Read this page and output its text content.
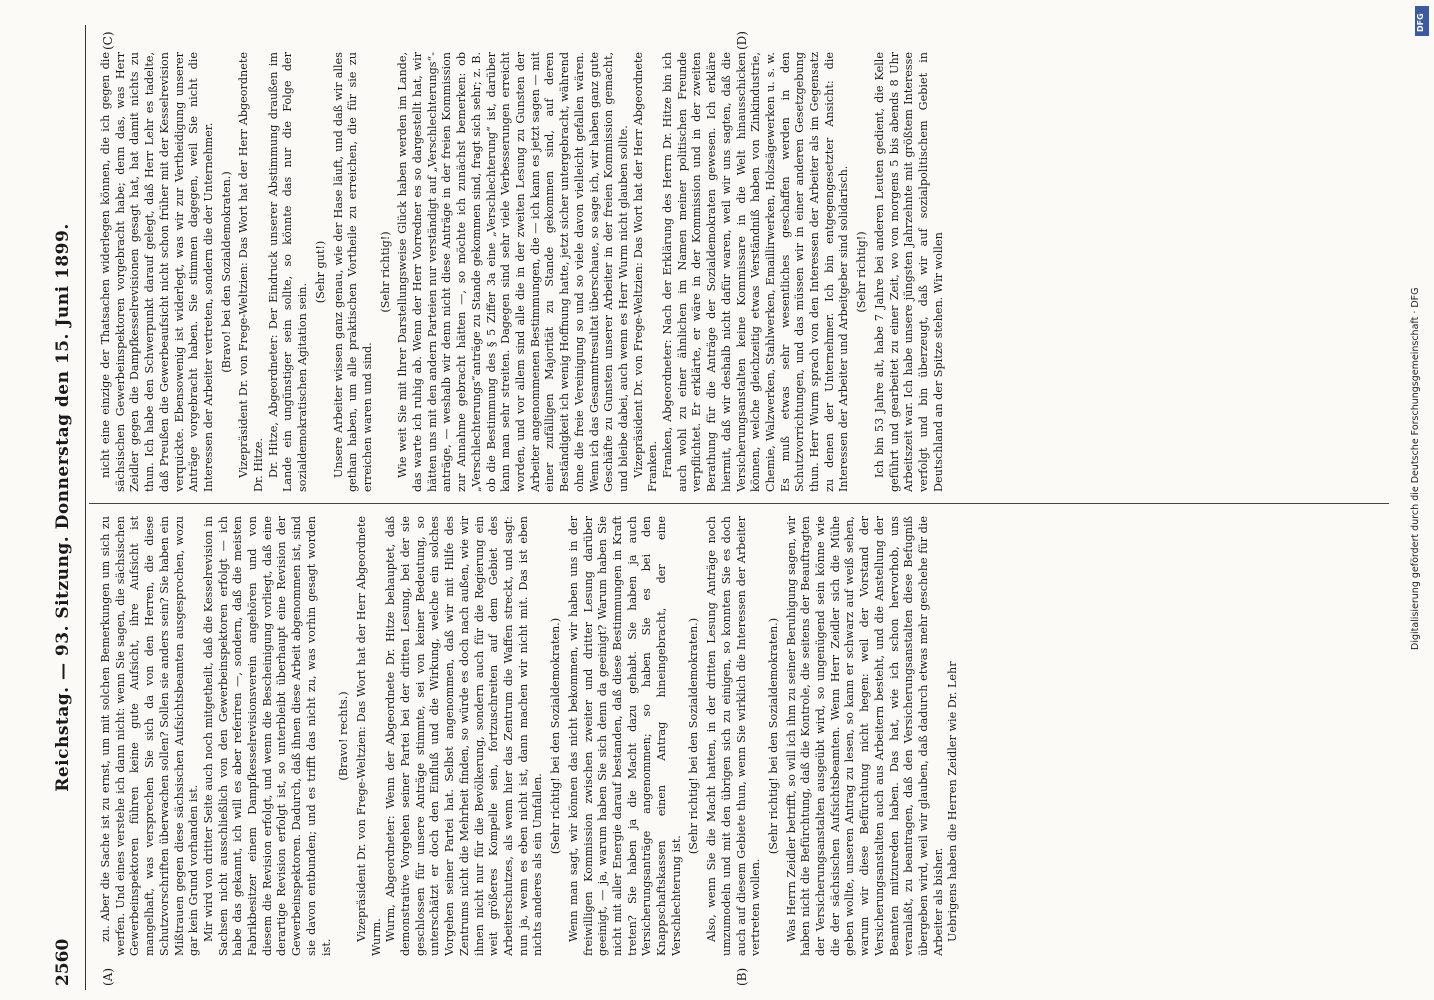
2560
Reichstag. — 93. Sitzung. Donnerstag den 15. Juni 1899.
(A)	(B)
(C)	(D)

zu. Aber die Sache ist zu ernst, um mit solchen Bemerkungen um sich zu werfen. Und eines verstehe ich dann nicht: wenn Sie sagen, die sächsischen Gewerbeinspektoren führen keine gute Aufsicht, ihre Aufsicht ist mangelhaft, was versprechen Sie sich da von den Herren, die diese Schutzvorschriften überwachen sollen? Sollen sie anders sein? Sie haben ein Mißtrauen gegen diese sächsischen Aufsichtsbeamten ausgesprochen, wozu gar kein Grund vorhanden ist. Mir wird von dritter Seite auch noch mitgetheilt, daß die Kesselrevision in Sachsen nicht ausschließlich von den Gewerbeinspektoren erfolgt — ich habe das gekannt, ich will es aber referiren —, sondern, daß die meisten Fabrikbesitzer einem Dampfkesselrevisionsverein angehören und von diesem die Revision erfolgt, und wenn die Bescheinigung vorliegt, daß eine derartige Revision erfolgt ist, so unterbleibt überhaupt eine Revision der Gewerbeinspektoren. Dadurch, daß ihnen diese Arbeit abgenommen ist, sind sie davon entbunden; und es trifft das nicht zu, was vorhin gesagt worden ist.

(Bravo! rechts.) Vizepräsident Dr. von Frege-Weltzien: Das Wort hat der Herr Abgeordnete Wurm. Wurm, Abgeordneter: Wenn der Abgeordnete Dr. Hitze behauptet, daß demonstrative Vorgehen seiner Partei bei der dritten Lesung, bei der sie geschlossen für unsere Anträge stimmte, sei von keiner Bedeutung, so unterschätzt er doch den Einfluß und die Wirkung, welche ein solches Vorgehen seiner Partei hat. Selbst angenommen, daß wir mit Hilfe des Zentrums nicht die Mehrheit finden, so würde es doch nach außen, wie wir ihnen nicht nur für die Bevölkerung, sondern auch für die Regierung ein weit größeres Kompelle sein, fortzuschreiten auf dem Gebiet des Arbeiterschutzes, als wenn hier das Zentrum die Waffen streckt, und sagt: nun ja, wenn es eben nicht ist, dann machen wir nicht mit. Das ist eben nichts anderes als ein Umfallen.

(Sehr richtig! bei den Sozialdemokraten.) Wenn man sagt, wir können das nicht bekommen, wir haben uns in der freiwilligen Kommission zwischen zweiter und dritter Lesung darüber geeinigt, — ja, warum haben Sie sich denn da geeinigt? Warum haben Sie nicht mit aller Energie darauf bestanden, daß diese Bestimmungen in Kraft treten? Sie haben ja die Macht dazu gehabt. Sie haben ja auch Versicherungsanträge angenommen; so haben Sie es bei den Knappschaftskassen einen Antrag hineingebracht, der eine Verschlechterung ist.

(Sehr richtig! bei den Sozialdemokraten.) Also, wenn Sie die Macht hatten, in der dritten Lesung Anträge noch umzumodeln und mit den übrigen sich zu einigen, so konnten Sie es doch auch auf diesem Gebiete thun, wenn Sie wirklich die Interessen der Arbeiter vertreten wollen.

(Sehr richtig! bei den Sozialdemokraten.) Was Herrn Zeidler betrifft, so will ich ihm zu seiner Beruhigung sagen, wir haben nicht die Befürchtung, daß die Kontrole, die seitens der Beauftragten der Versicherungsanstalten ausgeübt wird, so ungenügend sein könne wie die der sächsischen Aufsichtsbeamten. Wenn Herr Zeidler sich die Mühe geben wollte, unseren Antrag zu lesen, so kann er schwarz auf weiß sehen, warum wir diese Befürchtung nicht hegen: weil der Vorstand der Versicherungsanstalten auch aus Arbeitern besteht, und die Anstellung der Beamten mitzureden haben. Das hat, wie ich schon hervorhob, uns veranlaßt, zu beantragen, daß den Versicherungsanstalten diese Befugniß übergeben wird, weil wir glauben, daß dadurch etwas mehr geschehe für die Arbeiter als bisher. Uebrigens haben die Herren Zeidler wie Dr. Lehr

nicht eine einzige der Thatsachen widerlegen können, die ich gegen die sächsischen Gewerbeinspektoren vorgebracht habe; denn das, was Herr Zeidler gegen die Dampfkesselrevisionen gesagt hat, hat damit nichts zu thun. Ich habe den Schwerpunkt darauf gelegt, daß Herr Lehr es tadelte, daß Preußen die Gewerbeaufsicht nicht schon früher mit der Kesselrevision verquickte. Ebensowenig ist widerlegt, was wir zur Vertheidigung unserer Anträge vorgebracht haben. Sie stimmen dagegen, weil Sie nicht die Interessen der Arbeiter vertreten, sondern die der Unternehmer. (Bravo! bei den Sozialdemokraten.) Vizepräsident Dr. von Frege-Weltzien: Das Wort hat der Herr Abgeordnete Dr. Hitze. Dr. Hitze, Abgeordneter: Der Eindruck unserer Abstimmung draußen im Lande ein ungünstiger sein sollte, so könnte das nur die Folge der sozialdemokratischen Agitation sein.

(Sehr gut!) Unsere Arbeiter wissen ganz genau, wie der Hase läuft, und daß wir alles gethan haben, um alle praktischen Vortheile zu erreichen, die für sie zu erreichen waren und sind.

(Sehr richtig!) Wie weit Sie mit Ihrer Darstellungsweise Glück haben werden im Lande, das warte ich ruhig ab. Wenn der Herr Vorredner es so dargestellt hat, wir hätten uns mit den andern Parteien nur verständigt auf „Verschlechterungs“-anträge, — weshalb wir denn nicht diese Anträge in der freien Kommission zur Annahme gebracht hätten —, so möchte ich zunächst bemerken: ob „Verschlechterungs“anträge zu Stande gekommen sind, fragt sich sehr; z. B. ob die Bestimmung des § 5 Ziffer 3a eine „Verschlechterung“ ist, darüber kann man sehr streiten. Dagegen sind sehr viele Verbesserungen erreicht worden, und vor allem sind alle die in der zweiten Lesung zu Gunsten der Arbeiter angenommenen Bestimmungen, die — ich kann es jetzt sagen — mit einer zufälligen Majorität zu Stande gekommen sind, auf deren Beständigkeit ich wenig Hoffnung hatte, jetzt sicher untergebracht, während ohne die freie Vereinigung so und so viele davon vielleicht gefallen wären. Wenn ich das Gesammtresultat überschaue, so sage ich, wir haben ganz gute Geschäfte zu Gunsten unserer Arbeiter in der freien Kommission gemacht, und bleibe dabei, auch wenn es Herr Wurm nicht glauben sollte. Vizepräsident Dr. von Frege-Weltzien: Das Wort hat der Herr Abgeordnete Franken. Franken, Abgeordneter: Nach der Erklärung des Herrn Dr. Hitze bin ich auch wohl zu einer ähnlichen im Namen meiner politischen Freunde verpflichtet. Er erklärte, er wäre in der Kommission und in der zweiten Berathung für die Anträge der Sozialdemokraten gewesen. Ich erkläre hiermit, daß wir deshalb nicht dafür waren, weil wir uns sagten, daß die Versicherungsanstalten keine Kommissare in die Welt hinausschicken können, welche gleichzeitig etwas Verständniß haben von Zinkindustrie, Chemie, Walzwerken, Stahlwerken, Emaillirwerken, Holzsägewerken u. s. w. Es muß etwas sehr wesentliches geschaffen werden in den Schutzvorrichtungen, und das müssen wir in einer anderen Gesetzgebung thun. Herr Wurm sprach von den Interessen der Arbeiter als im Gegensatz zu denen der Unternehmer. Ich bin entgegengesetzter Ansicht: die Interessen der Arbeiter und Arbeitgeber sind solidarisch. (Sehr richtig!) Ich bin 53 Jahre alt, habe 7 Jahre bei anderen Leuten gedient, die Kelle geführt und gearbeitet zu einer Zeit, wo von morgens 5 bis abends 8 Uhr Arbeitszeit war. Ich habe unsere jüngsten Jahrzehnte mit größtem Interesse verfolgt und bin überzeugt, daß wir auf sozialpolitischem Gebiet in Deutschland an der Spitze stehen. Wir wollen	Digitalisierung gefördert durch die Deutsche Forschungsgemeinschaft · DFG
DFG
